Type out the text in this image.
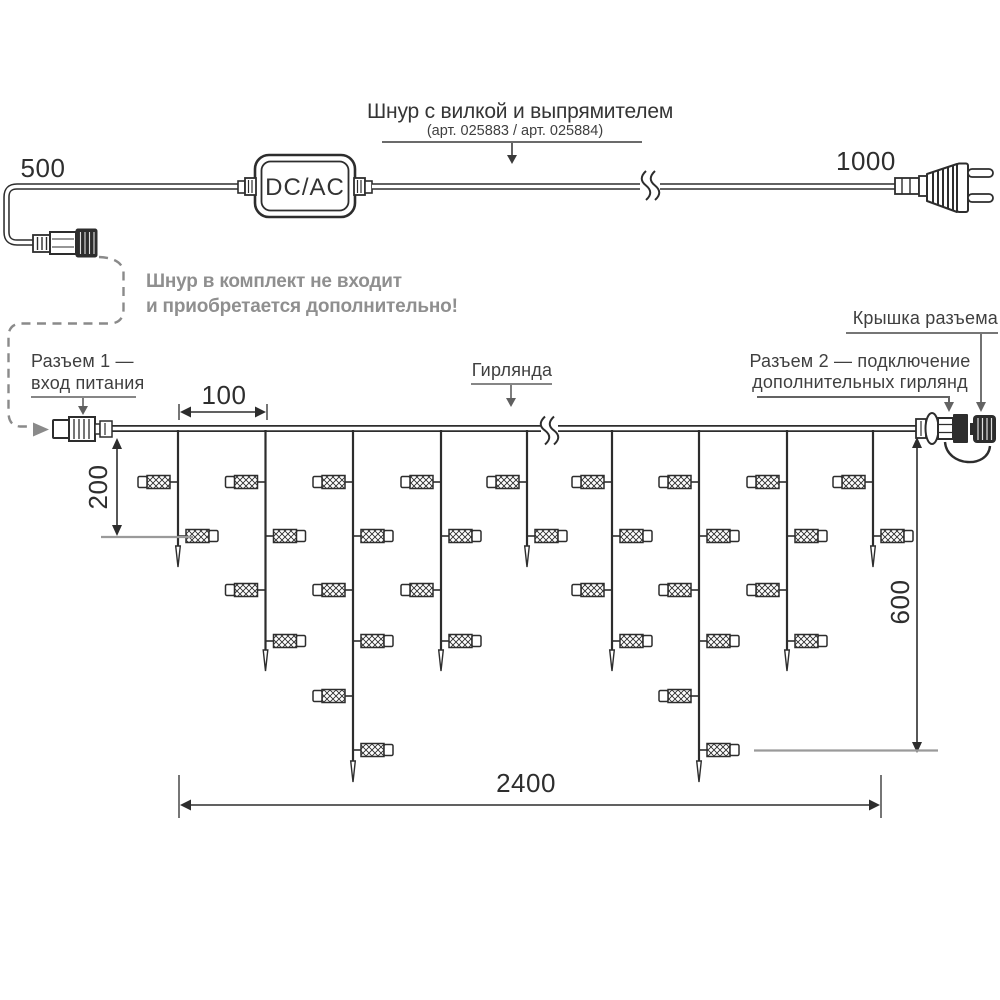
500	1000
Шнур с вилкой и выпрямителем
(арт. 025883 / арт. 025884)
DC/AC
Шнур в комплект не входит
и приобретается дополнительно!
Разъем 1 —
вход питания 100
Гирлянда	Разъем 2 — подключение
дополнительных гирлянд
Крышка разъема
200
600
2400
